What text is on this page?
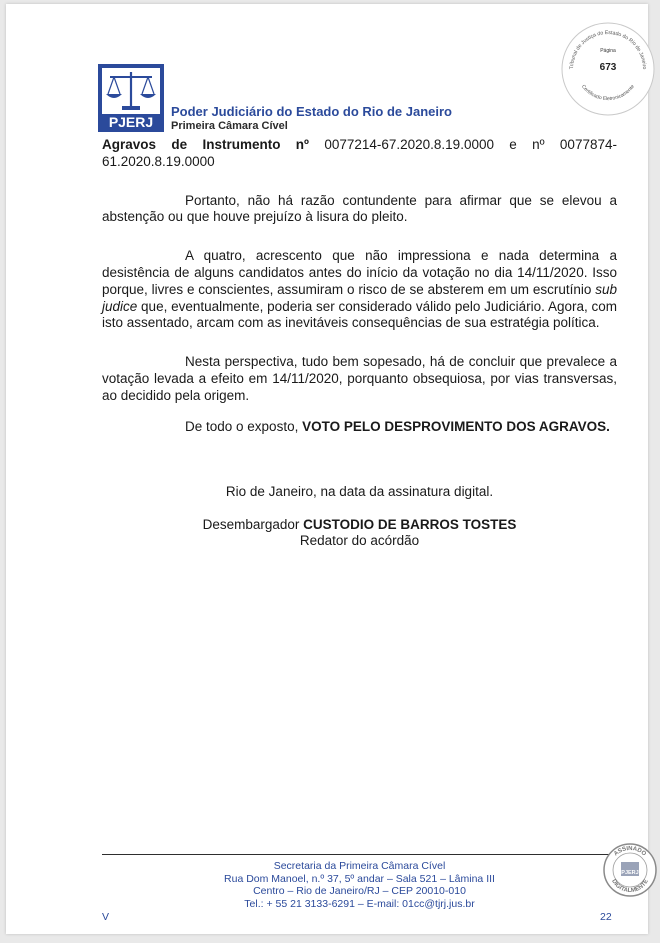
Tribunal de Justiça do Estado do Rio de Janeiro
Página
673
Certificado Eletronicamente
PJERJ
Poder Judiciário do Estado do Rio de Janeiro
Primeira Câmara Cível
Agravos de Instrumento nº 0077214-67.2020.8.19.0000 e nº 0077874-61.2020.8.19.0000

Portanto, não há razão contundente para afirmar que se elevou a abstenção ou que houve prejuízo à lisura do pleito.

A quatro, acrescento que não impressiona e nada determina a desistência de alguns candidatos antes do início da votação no dia 14/11/2020. Isso porque, livres e conscientes, assumiram o risco de se absterem em um escrutínio sub judice que, eventualmente, poderia ser considerado válido pelo Judiciário. Agora, com isto assentado, arcam com as inevitáveis consequências de sua estratégia política.

Nesta perspectiva, tudo bem sopesado, há de concluir que prevalece a votação levada a efeito em 14/11/2020, porquanto obsequiosa, por vias transversas, ao decidido pela origem.

De todo o exposto, VOTO PELO DESPROVIMENTO DOS AGRAVOS.

Rio de Janeiro, na data da assinatura digital.
Desembargador CUSTODIO DE BARROS TOSTES
Redator do acórdão
Secretaria da Primeira Câmara Cível
Rua Dom Manoel, n.º 37, 5º andar – Sala 521 – Lâmina III
Centro – Rio de Janeiro/RJ – CEP 20010-010
Tel.: + 55 21 3133-6291 – E-mail: 01cc@tjrj.jus.br
V	22
ASSINADO
PJERJ
DIGITALMENTE
